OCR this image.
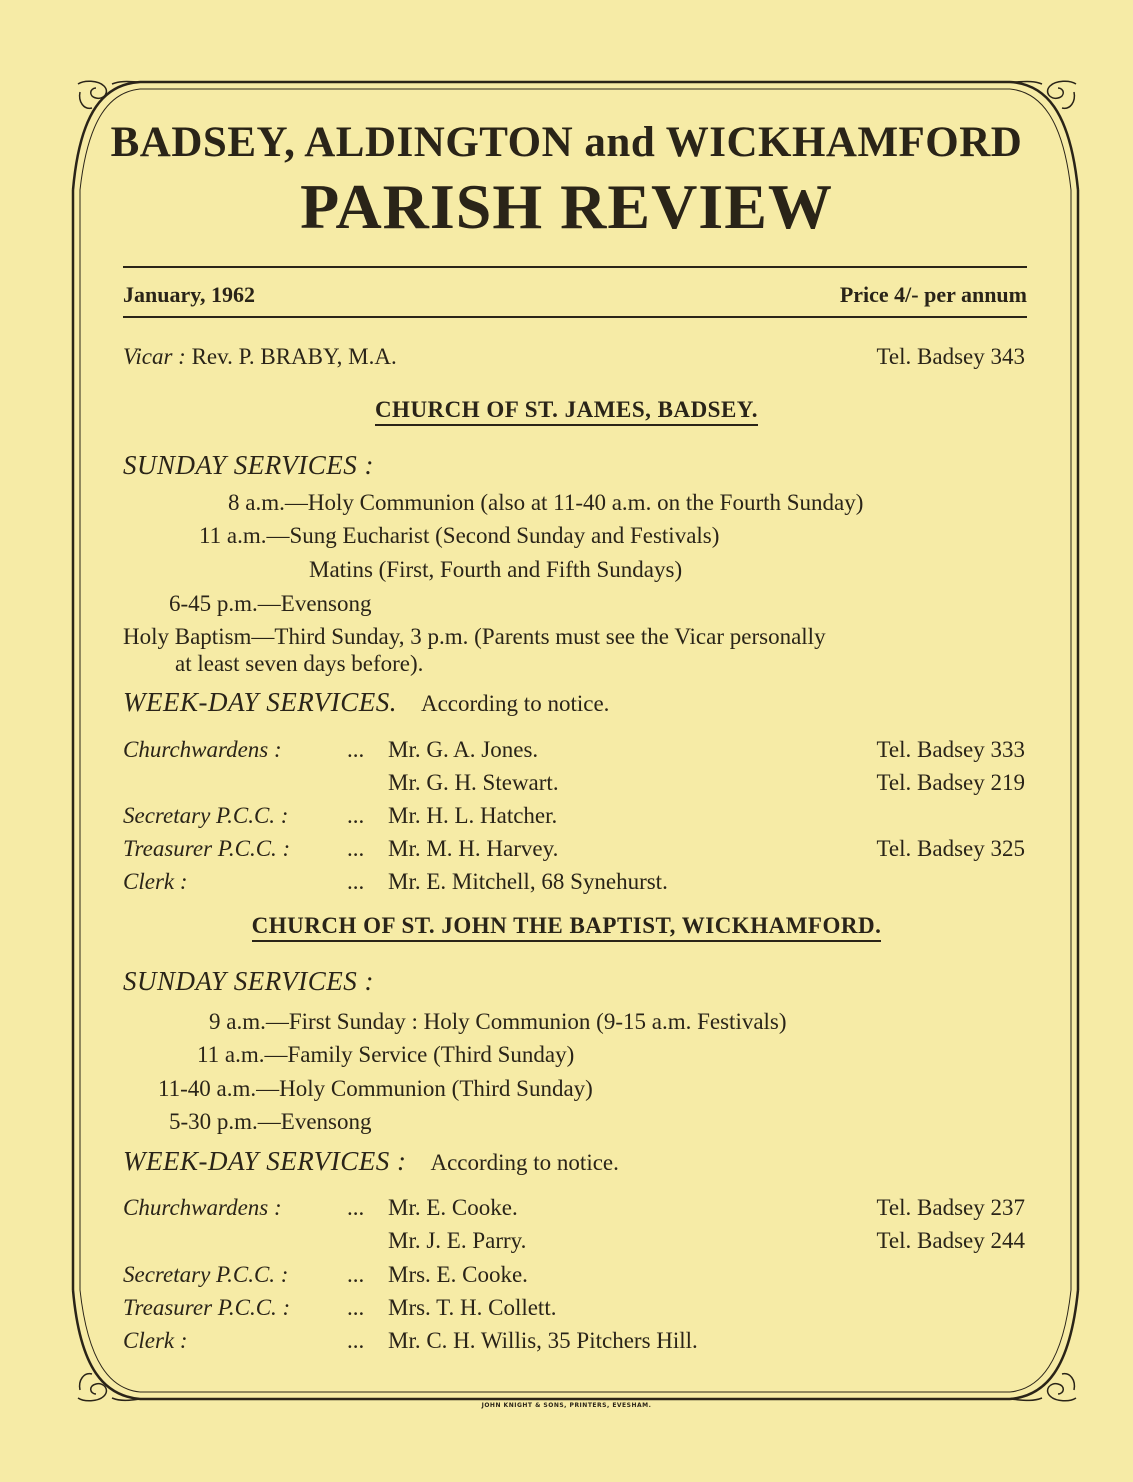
BADSEY, ALDINGTON and WICKHAMFORD
PARISH REVIEW
January, 1962	Price 4/- per annum
Vicar : Rev. P. BRABY, M.A.	Tel. Badsey 343
CHURCH OF ST. JAMES, BADSEY.
SUNDAY SERVICES :
8 a.m.—Holy Communion (also at 11-40 a.m. on the Fourth Sunday)
11 a.m.—Sung Eucharist (Second Sunday and Festivals)
Matins (First, Fourth and Fifth Sundays)
6-45 p.m.—Evensong
Holy Baptism—Third Sunday, 3 p.m. (Parents must see the Vicar personally
at least seven days before).
WEEK-DAY SERVICES. According to notice.
Churchwardens :	... Mr. G. A. Jones.	Tel. Badsey 333
Mr. G. H. Stewart.	Tel. Badsey 219
Secretary P.C.C. :	... Mr. H. L. Hatcher.
Treasurer P.C.C. : ... Mr. M. H. Harvey.	Tel. Badsey 325
Clerk :	... Mr. E. Mitchell, 68 Synehurst.
CHURCH OF ST. JOHN THE BAPTIST, WICKHAMFORD.
SUNDAY SERVICES :
9 a.m.—First Sunday : Holy Communion (9-15 a.m. Festivals)
11 a.m.—Family Service (Third Sunday)
11-40 a.m.—Holy Communion (Third Sunday)
5-30 p.m.—Evensong
WEEK-DAY SERVICES : According to notice.
Churchwardens :	... Mr. E. Cooke.	Tel. Badsey 237
Mr. J. E. Parry.	Tel. Badsey 244
Secretary P.C.C. :	... Mrs. E. Cooke.
Treasurer P.C.C. : ... Mrs. T. H. Collett.
Clerk :	... Mr. C. H. Willis, 35 Pitchers Hill.
JOHN KNIGHT & SONS, PRINTERS, EVESHAM.
